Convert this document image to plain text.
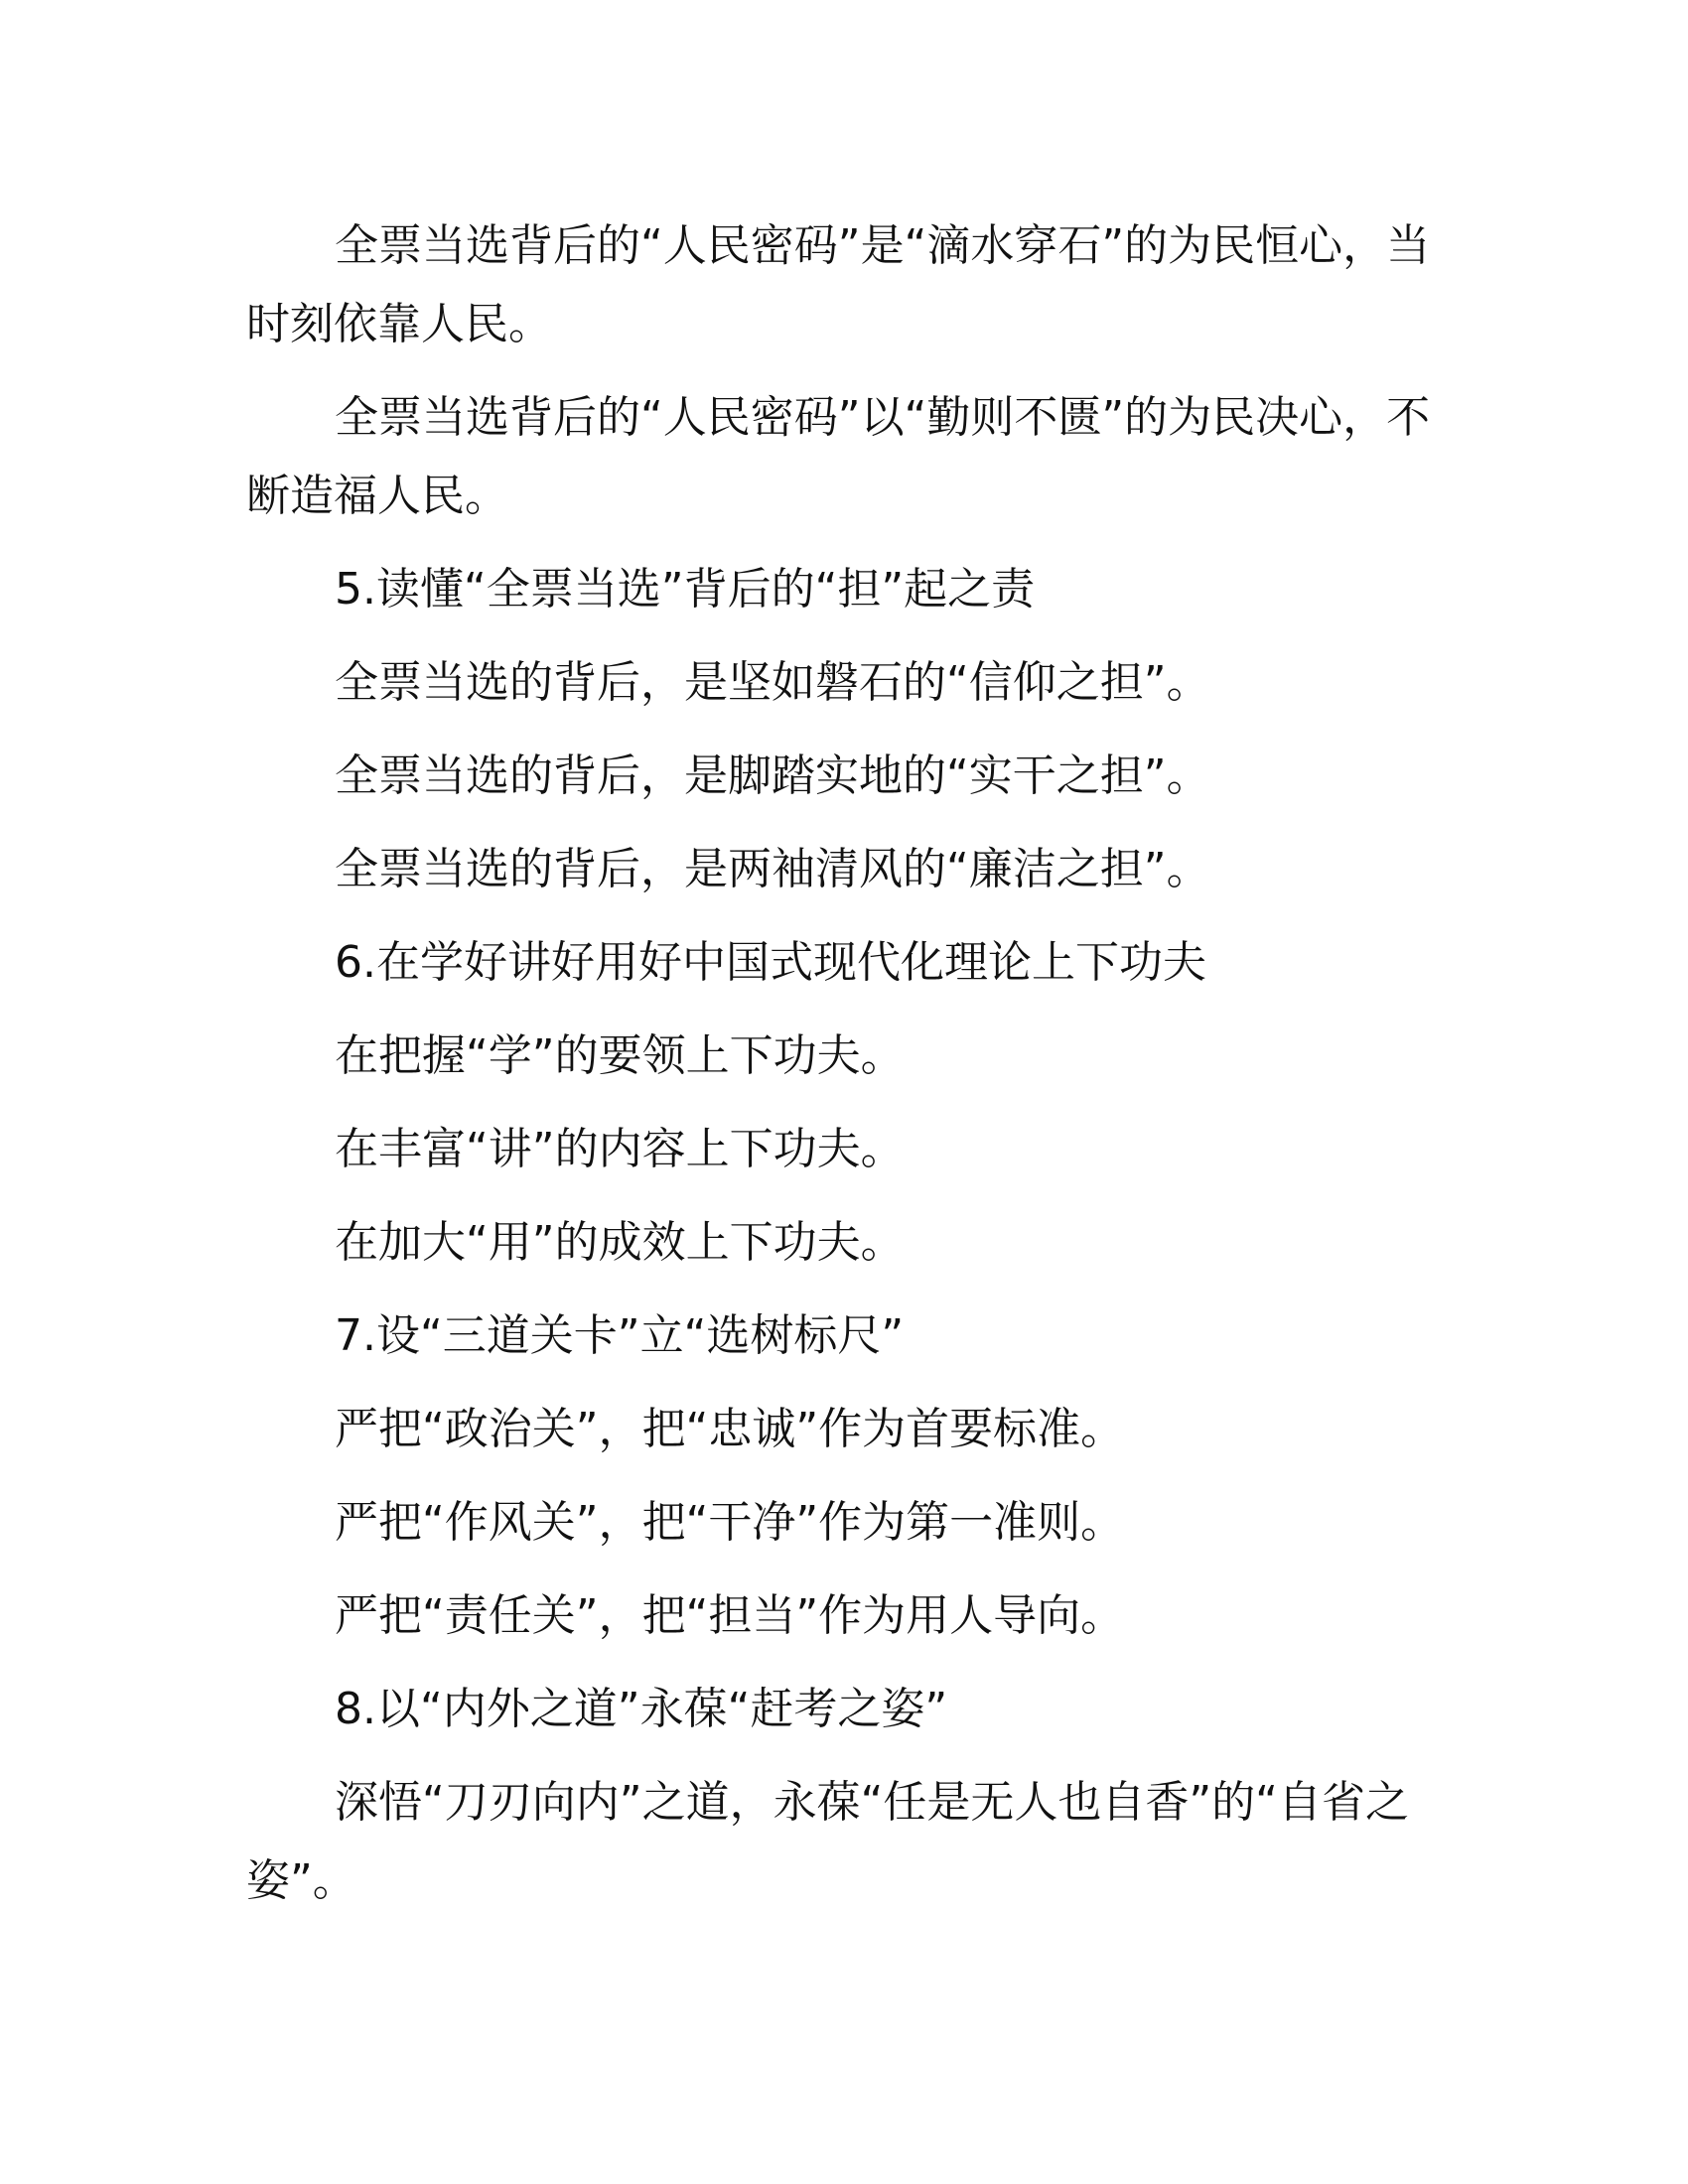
全票当选背后的“人民密码”是“滴水穿石”的为民恒心，当时刻依靠人民。

全票当选背后的“人民密码”以“勤则不匮”的为民决心，不断造福人民。

5.读懂“全票当选”背后的“担”起之责

全票当选的背后，是坚如磐石的“信仰之担”。

全票当选的背后，是脚踏实地的“实干之担”。

全票当选的背后，是两袖清风的“廉洁之担”。

6.在学好讲好用好中国式现代化理论上下功夫

在把握“学”的要领上下功夫。

在丰富“讲”的内容上下功夫。

在加大“用”的成效上下功夫。

7.设“三道关卡”立“选树标尺”

严把“政治关”，把“忠诚”作为首要标准。

严把“作风关”，把“干净”作为第一准则。

严把“责任关”，把“担当”作为用人导向。

8.以“内外之道”永葆“赶考之姿”

深悟“刀刃向内”之道，永葆“任是无人也自香”的“自省之姿”。
